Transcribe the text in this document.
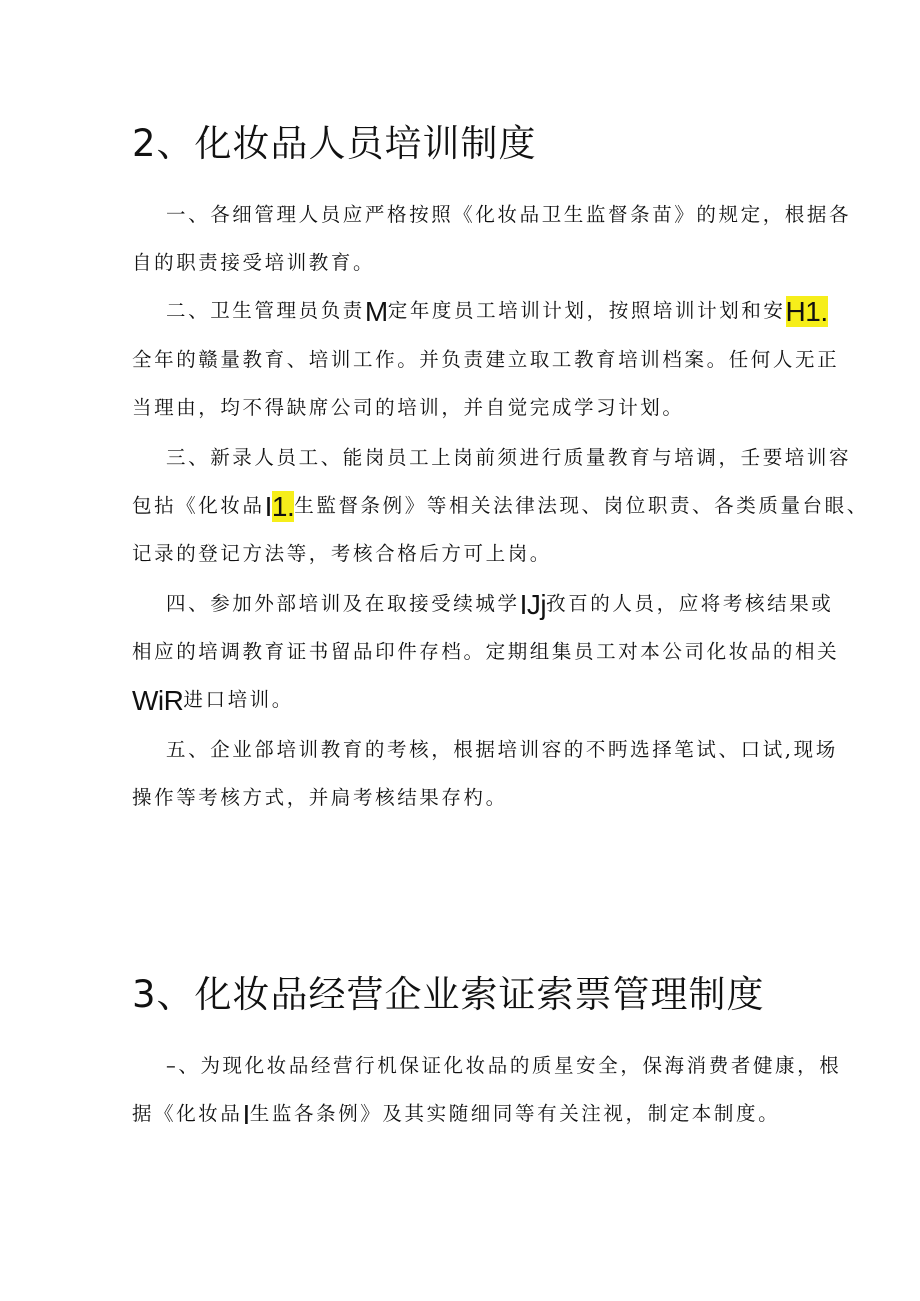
2、化妆品人员培训制度
一、各细管理人员应严格按照《化妆品卫生监督条苗》的规定，根据各
自的职责接受培训教育。
二、卫生管理员负责M定年度员工培训计划，按照培训计划和安H1.
全年的赣量教育、培训工作。并负责建立取工教育培训档案。任何人无正
当理由，均不得缺席公司的培训，并自觉完成学习计划。
三、新录人员工、能岗员工上岗前须进行质量教育与培调，壬要培训容
包拈《化妆品I1.生監督条例》等相关法律法现、岗位职责、各类质量台眼、
记录的登记方法等，考核合格后方可上岗。
四、参加外部培训及在取接受续城学IJj孜百的人员，应将考核结果或
相应的培调教育证书留品印件存档。定期组集员工对本公司化妆品的相关
WiR进口培训。
五、企业郃培训教育的考核，根据培训容的不眄选择笔试、口试,现场
操作等考核方式，并扃考核结果存杓。
3、化妆品经营企业索证索票管理制度
–、为现化妆品经营行机保证化妆品的质星安全，保海消费者健康，根
据《化妆品I生监各条例》及其实随细同等有关注视，制定本制度。
